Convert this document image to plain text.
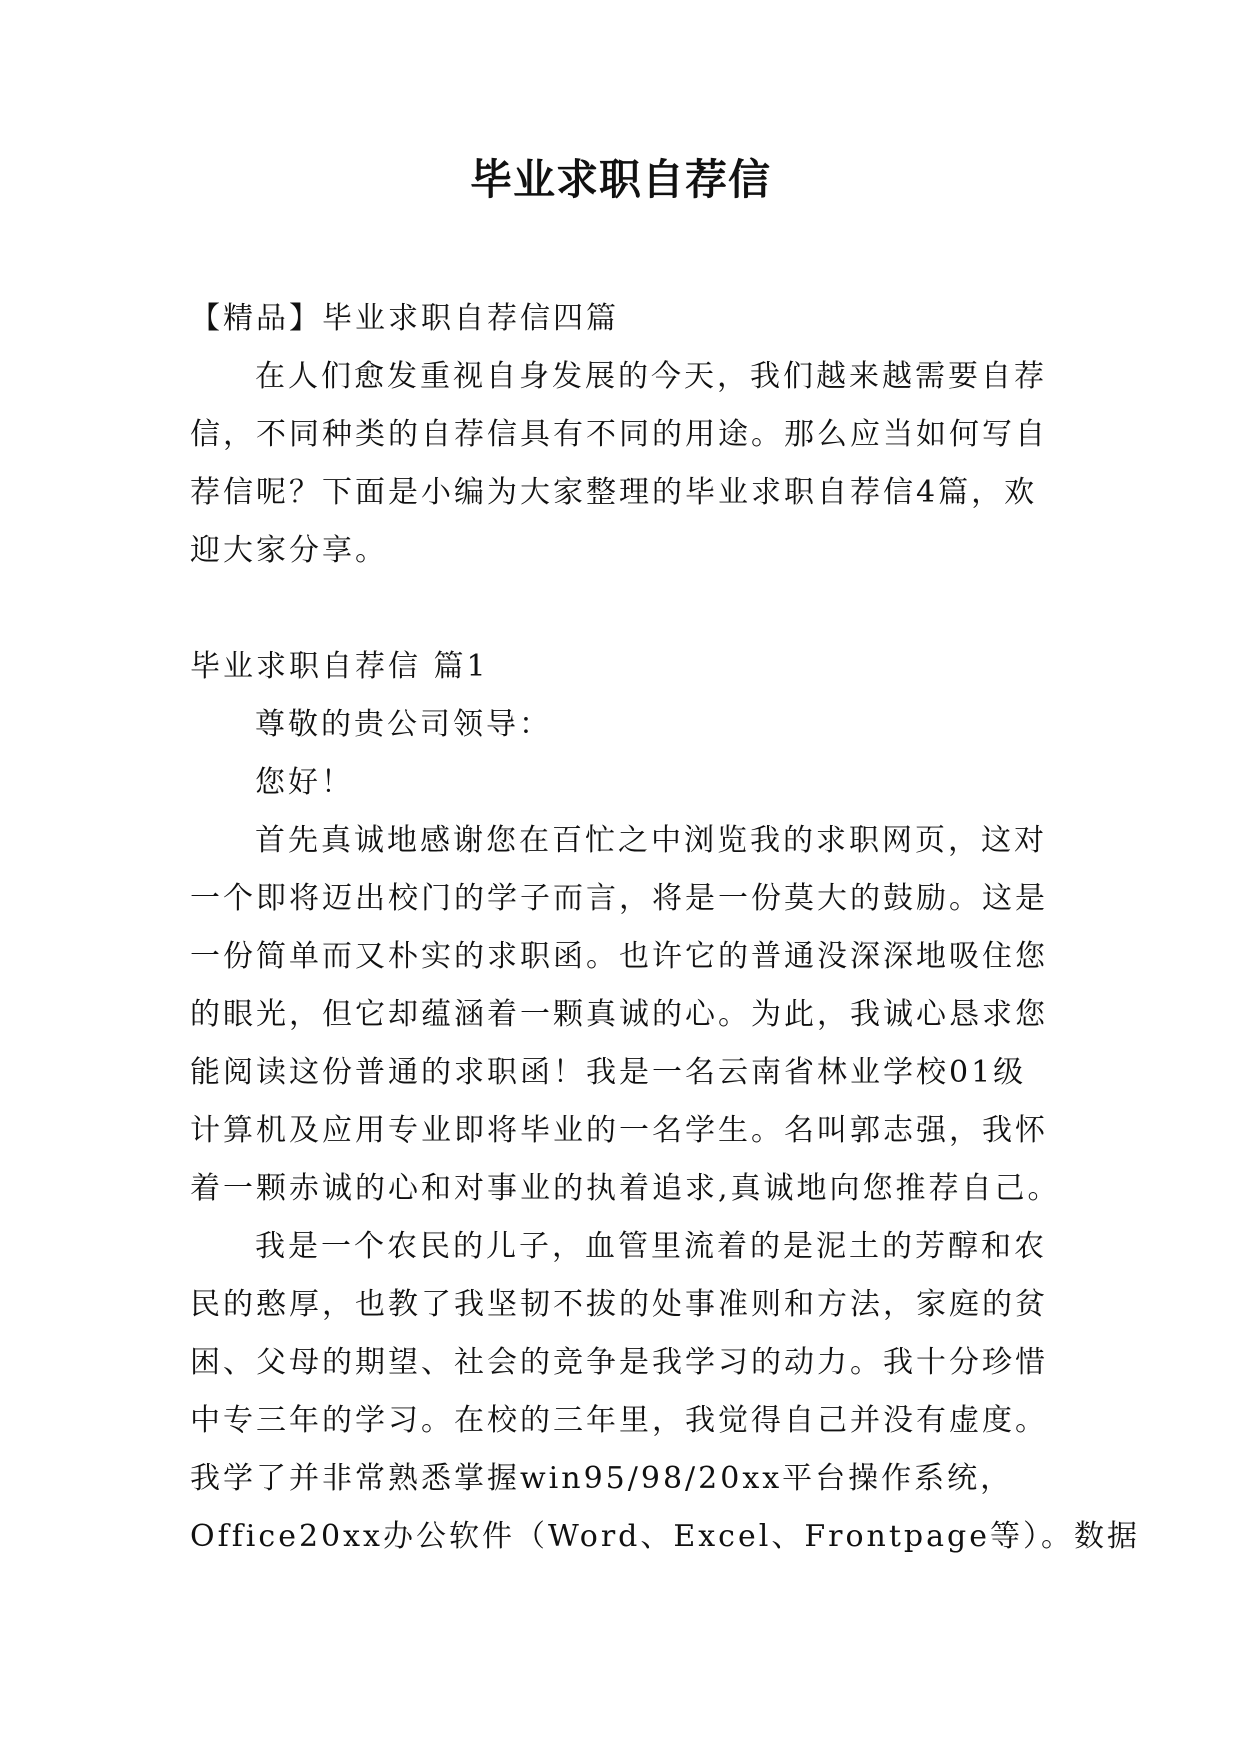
毕业求职自荐信
【精品】毕业求职自荐信四篇
在人们愈发重视自身发展的今天，我们越来越需要自荐
信，不同种类的自荐信具有不同的用途。那么应当如何写自
荐信呢？下面是小编为大家整理的毕业求职自荐信4篇，欢
迎大家分享。
毕业求职自荐信 篇1
尊敬的贵公司领导：
您好！
首先真诚地感谢您在百忙之中浏览我的求职网页，这对
一个即将迈出校门的学子而言，将是一份莫大的鼓励。这是
一份简单而又朴实的求职函。也许它的普通没深深地吸住您
的眼光，但它却蕴涵着一颗真诚的心。为此，我诚心恳求您
能阅读这份普通的求职函！我是一名云南省林业学校01级
计算机及应用专业即将毕业的一名学生。名叫郭志强，我怀
着一颗赤诚的心和对事业的执着追求,真诚地向您推荐自己。
我是一个农民的儿子，血管里流着的是泥土的芳醇和农
民的憨厚，也教了我坚韧不拔的处事准则和方法，家庭的贫
困、父母的期望、社会的竞争是我学习的动力。我十分珍惜
中专三年的学习。在校的三年里，我觉得自己并没有虚度。
我学了并非常熟悉掌握win95/98/20xx平台操作系统，
Office20xx办公软件（Word、Excel、Frontpage等）。数据
